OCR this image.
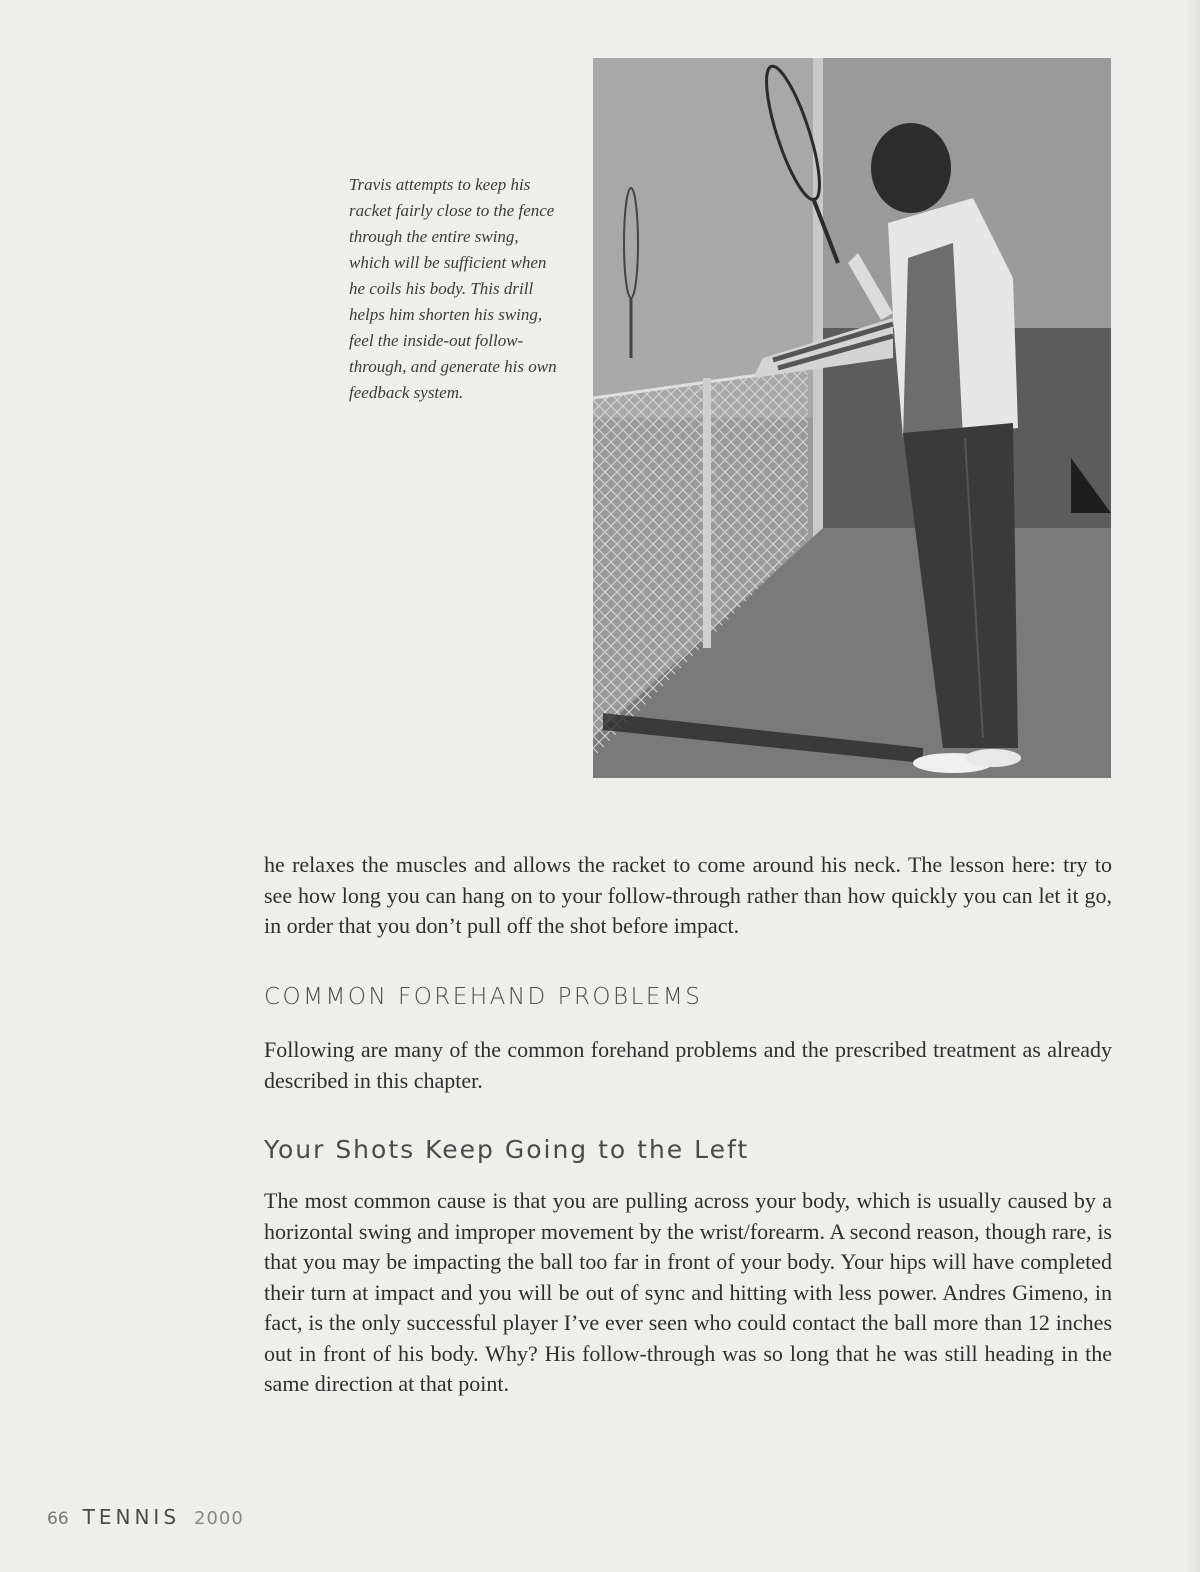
Travis attempts to keep his racket fairly close to the fence through the entire swing, which will be sufficient when he coils his body. This drill helps him shorten his swing, feel the inside-out follow-through, and generate his own feedback system.

he relaxes the muscles and allows the racket to come around his neck. The lesson here: try to see how long you can hang on to your follow-through rather than how quickly you can let it go, in order that you don’t pull off the shot before impact.

COMMON FOREHAND PROBLEMS

Following are many of the common forehand problems and the prescribed treatment as already described in this chapter.

Your Shots Keep Going to the Left

The most common cause is that you are pulling across your body, which is usually caused by a horizontal swing and improper movement by the wrist/forearm. A second reason, though rare, is that you may be impacting the ball too far in front of your body. Your hips will have completed their turn at impact and you will be out of sync and hitting with less power. Andres Gimeno, in fact, is the only successful player I’ve ever seen who could contact the ball more than 12 inches out in front of his body. Why? His follow-through was so long that he was still heading in the same direction at that point.

66 TENNIS 2000
